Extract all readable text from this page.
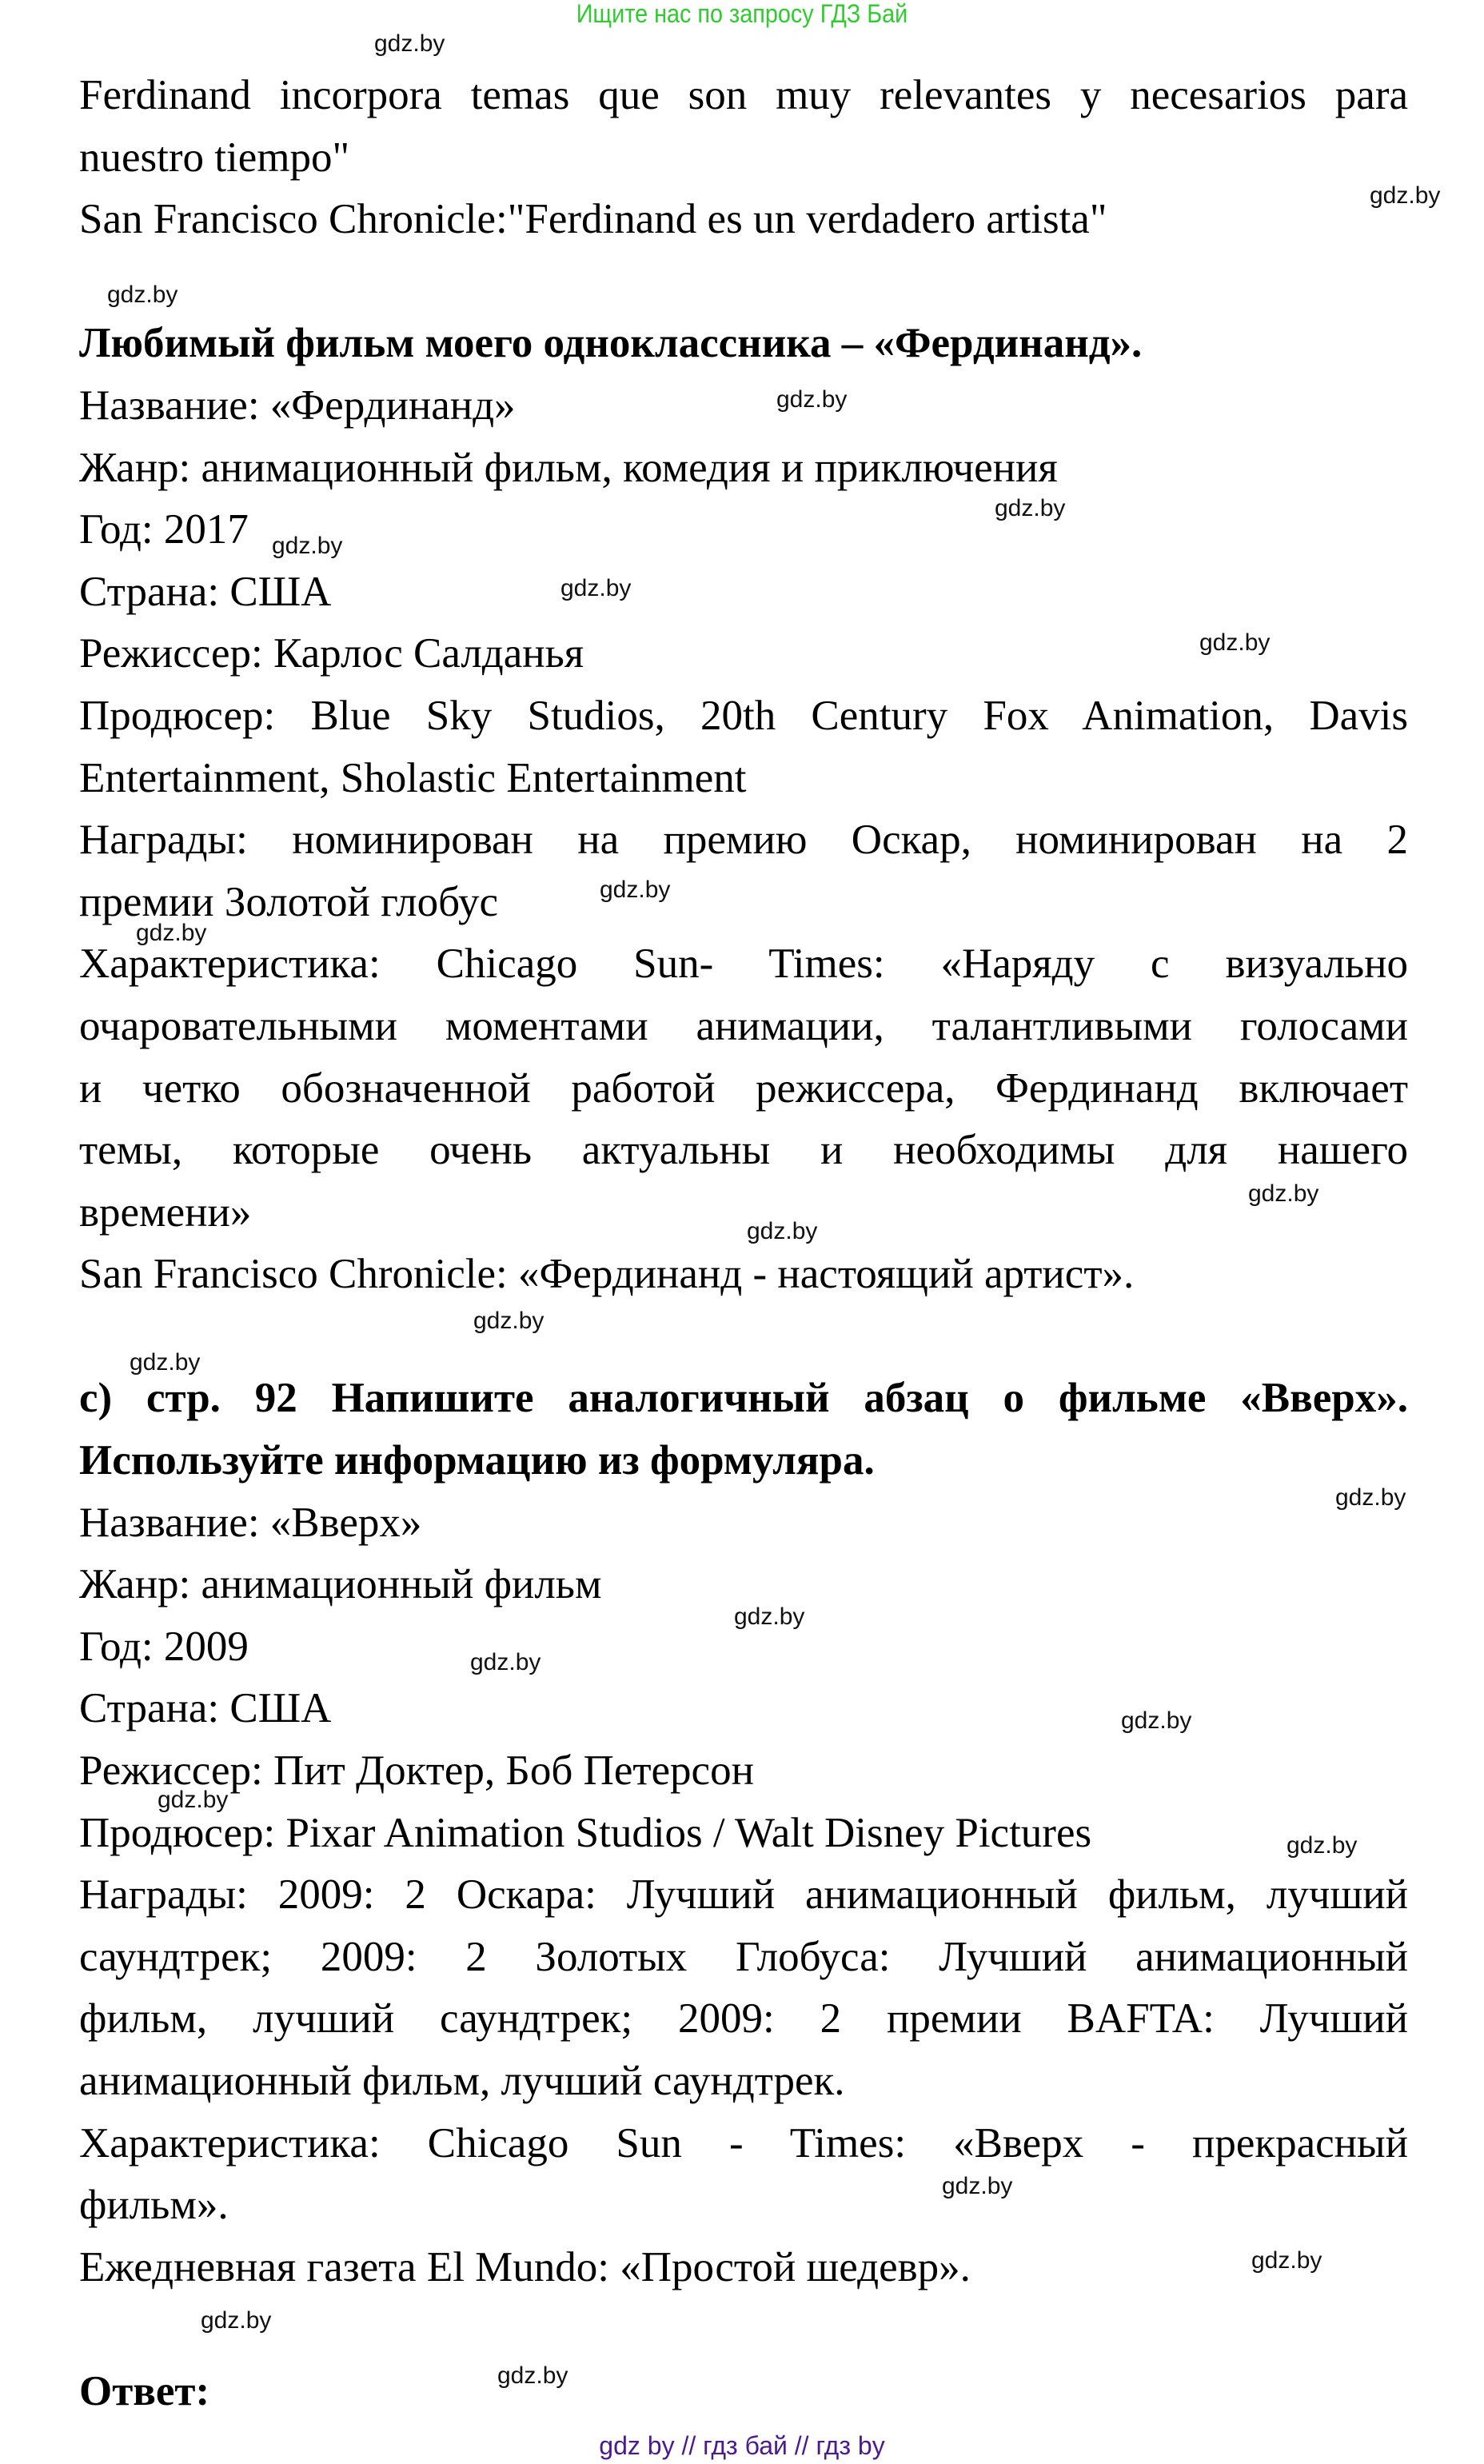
Ищите нас по запросу ГДЗ Бай
Ferdinand incorpora temas que son muy relevantes y necesarios para
nuestro tiempo"
San Francisco Chronicle:"Ferdinand es un verdadero artista"
Любимый фильм моего одноклассника – «Фердинанд».
Название: «Фердинанд»
Жанр: анимационный фильм, комедия и приключения
Год: 2017
Страна: США
Режиссер: Карлос Салданья
Продюсер: Blue Sky Studios, 20th Century Fox Animation, Davis
Entertainment, Sholastic Entertainment
Награды: номинирован на премию Оскар, номинирован на 2
премии Золотой глобус
Характеристика: Chicago Sun- Times: «Наряду с визуально
очаровательными моментами анимации, талантливыми голосами
и четко обозначенной работой режиссера, Фердинанд включает
темы, которые очень актуальны и необходимы для нашего
времени»
San Francisco Chronicle: «Фердинанд - настоящий артист».
с) стр. 92 Напишите аналогичный абзац о фильме «Вверх».
Используйте информацию из формуляра.
Название: «Вверх»
Жанр: анимационный фильм
Год: 2009
Страна: США
Режиссер: Пит Доктер, Боб Петерсон
Продюсер: Pixar Animation Studios / Walt Disney Pictures
Награды: 2009: 2 Оскара: Лучший анимационный фильм, лучший
саундтрек; 2009: 2 Золотых Глобуса: Лучший анимационный
фильм, лучший саундтрек; 2009: 2 премии BAFTA: Лучший
анимационный фильм, лучший саундтрек.
Характеристика: Chicago Sun - Times: «Вверх - прекрасный
фильм».
Ежедневная газета El Mundo: «Простой шедевр».
Ответ:
gdz.by
gdz.by
gdz.by
gdz.by
gdz.by
gdz.by
gdz.by
gdz.by
gdz.by
gdz.by
gdz.by
gdz.by
gdz.by
gdz.by
gdz.by
gdz.by
gdz.by
gdz.by
gdz.by
gdz.by
gdz.by
gdz.by
gdz.by
gdz.by
gdz by // гдз бай // гдз by
